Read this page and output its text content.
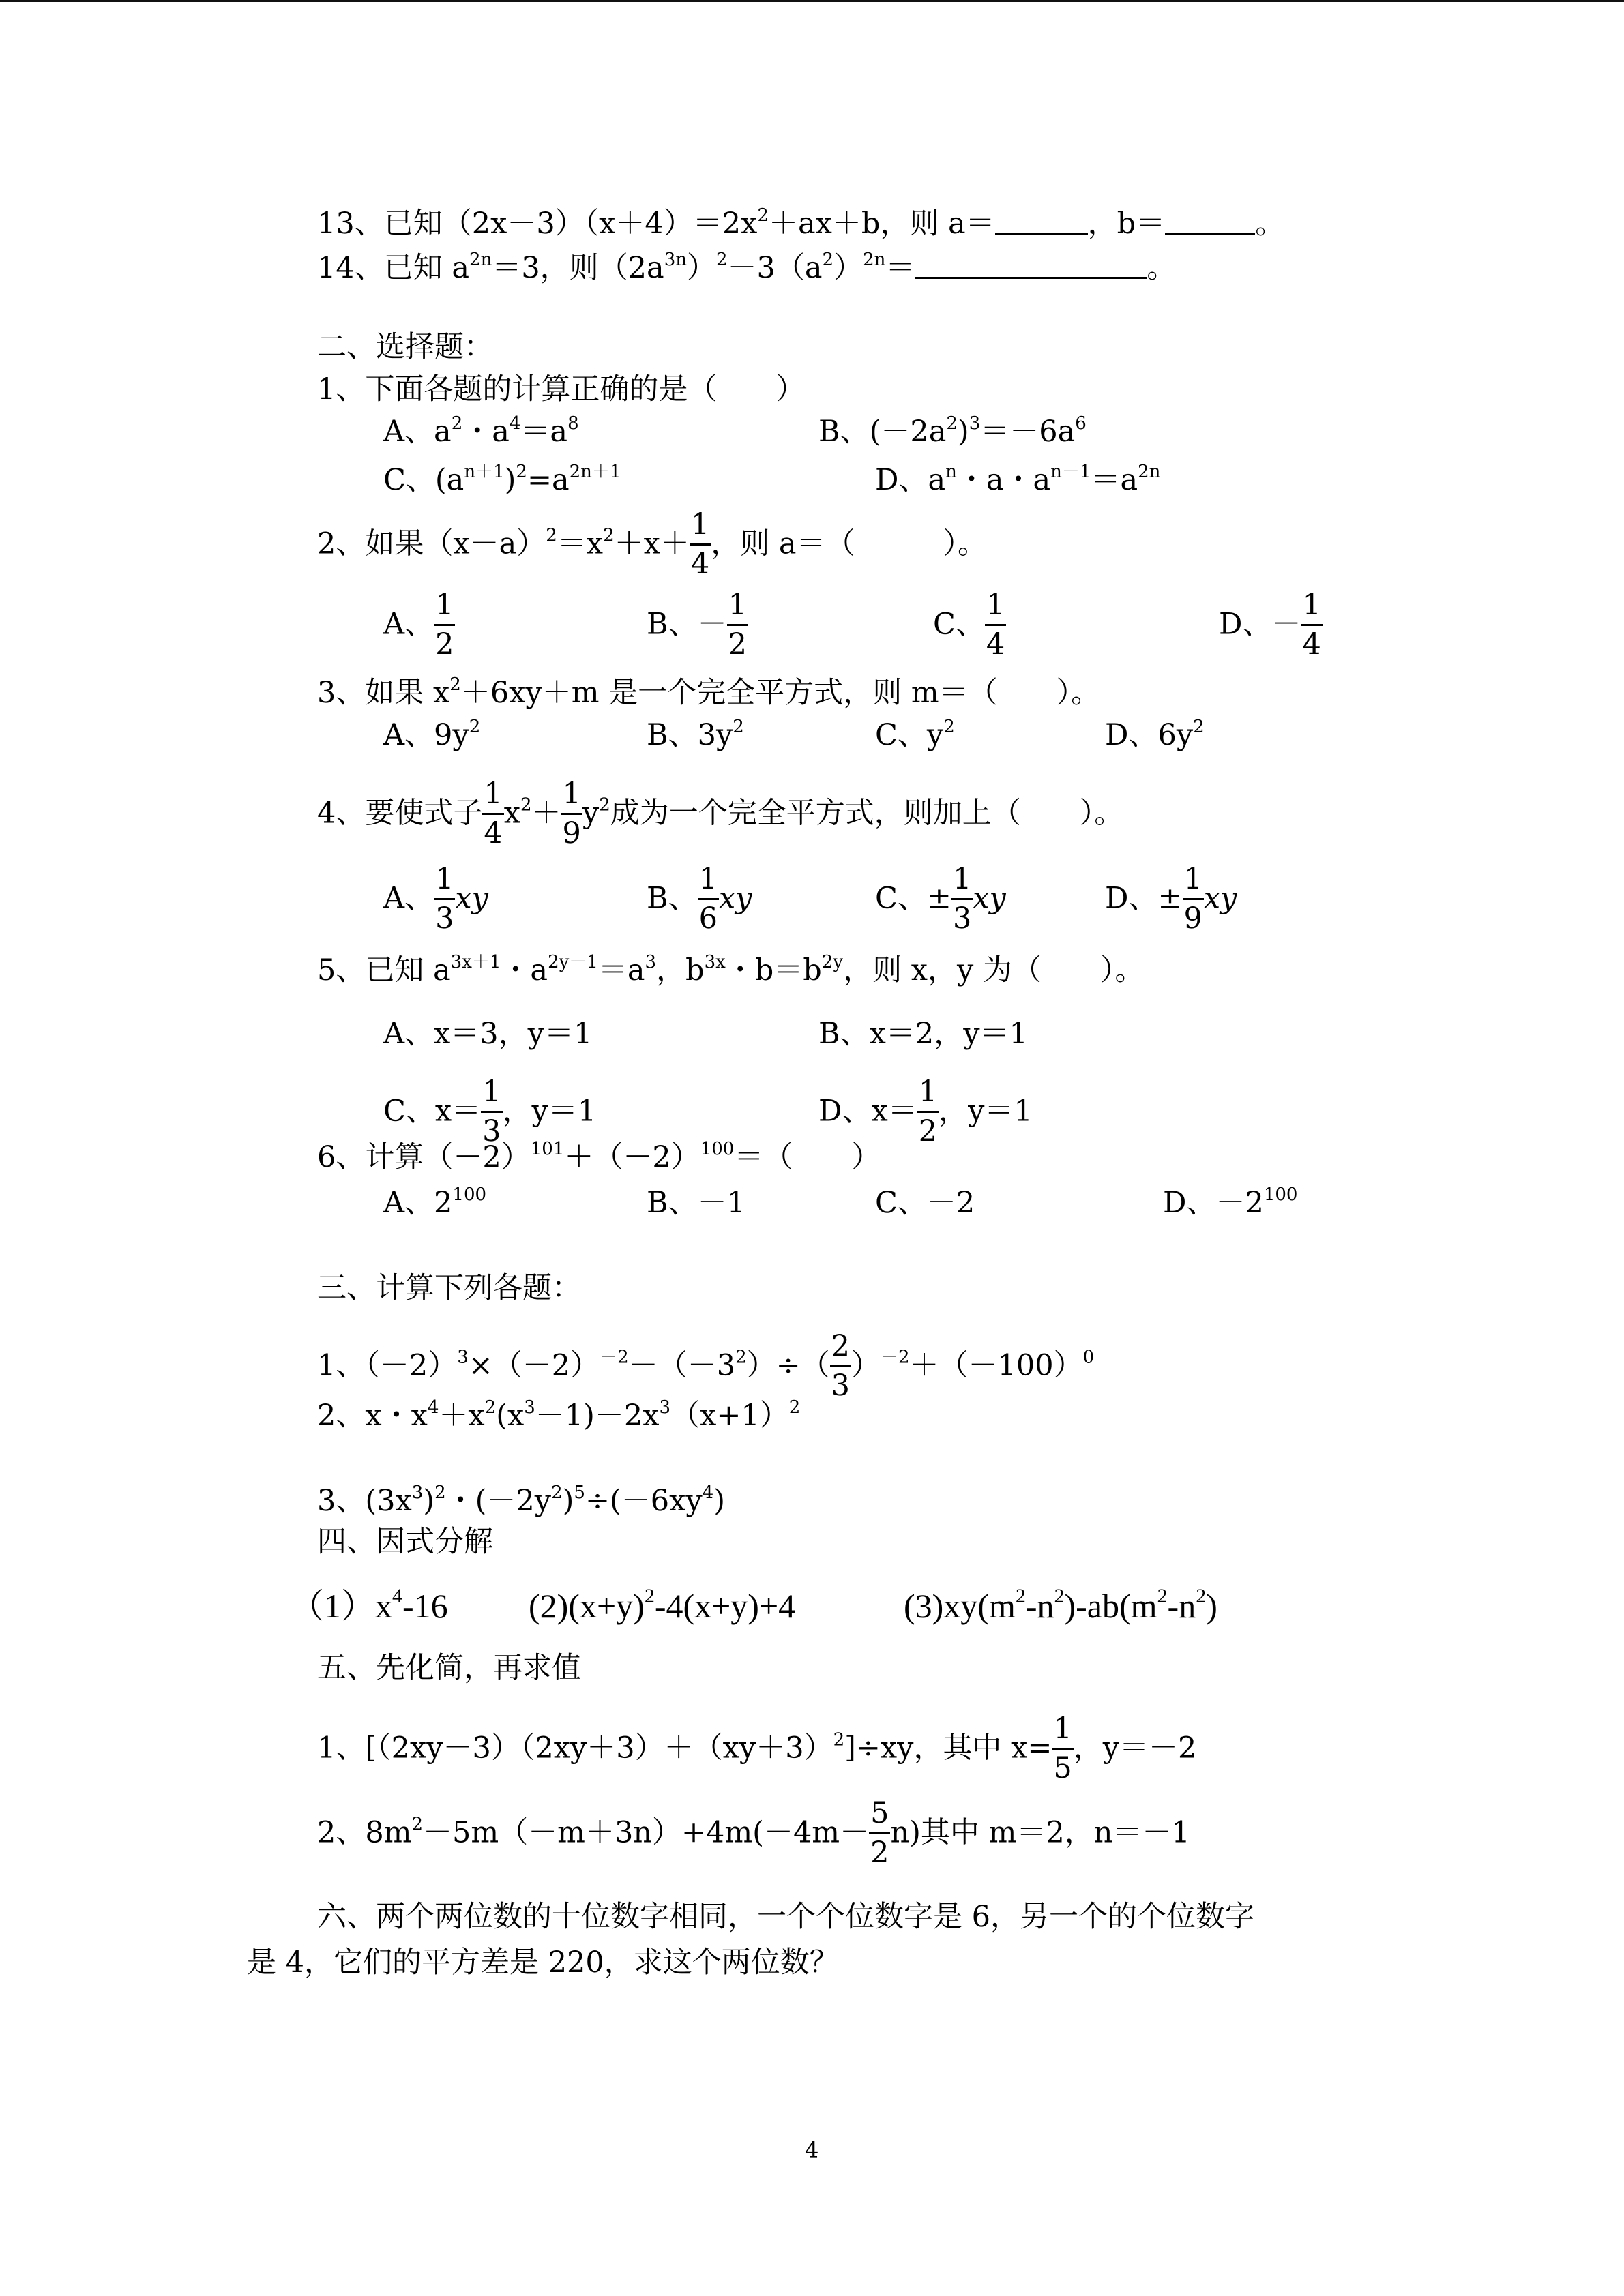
13、已知$(2x-3)(x+4)=2x^2+ax+b$，则 a＝	，b＝	。
14、已知 $a^{2n}=3$，则$(2a^{3n})^2-3(a^2)^{2n}=$	。
二、选择题：
1、下面各题的计算正确的是（　　）
A、$a^2$・$a^4=a^8$	B、$(-2a^2)^3=-6a^6$
C、$(a^{n+1})^2=a^{2n+1}$	D、$a^n$・a・$a^{n-1}=a^{2n}$
2、如果$(x-a)^2=x^2+x+ \frac{1}{4}$ ，则 a＝（　　　）。
A、 $\frac{1}{2}$	B、－ $\frac{1}{2}$	C、 $\frac{1}{4}$	D、－ $\frac{1}{4}$
3、如果 $x^2+6xy+m$ 是一个完全平方式，则 m＝（　　）。
A、$9y^2$	B、$3y^2$	C、$y^2$	D、$6y^2$
4、要使式子 $\frac{1}{4} x^2+ \frac{1}{9} y^2$成为一个完全平方式，则加上（　　）。
A、 $\frac{1}{3}$ xy	B、 $\frac{1}{6}$ xy	C、± $\frac{1}{3}$ xy	D、± $\frac{1}{9}$ xy
5、已知 $a^{3x+1}$・$a^{2y-1}=a^3$，$b^{3x}$・$b=b^{2y}$，则 x，y 为（　　）。
A、x＝3，y＝1	B、x＝2，y＝1
C、$x= \frac{1}{3}$ ，y＝1	D、$x= \frac{1}{2}$ ，y＝1
6、计算$(-2)^{101}+(-2)^{100}=$（　　）
A、$2^{100}$	B、－1	C、－2	D、$-2^{100}$
三、计算下列各题：
1、$(-2)^3\times(-2)^{-2}-(-3^2)\div( \frac{2}{3} )^{-2}+(-100)^0$
2、x・$x^4+x^2(x^3-1)-2x^3(x+1)^2$
3、$(3x^3)^2$・$(-2y^2)^5\div(-6xy^4)$
四、因式分解
$(1)x^4-16$ $(2)(x+y)^2-4(x+y)+4$	$(3)xy(m^2-n^2)-ab(m^2-n^2)$
五、先化简，再求值
1、$[(2xy-3)(2xy+3)+(xy+3)^2]\div xy$，其中 $x= \frac{1}{5}$ ，y＝－2
2、$8m^2-5m(-m+3n)+4m(-4m- \frac{5}{2} n)$其中 m＝2，n＝－1
六、两个两位数的十位数字相同，一个个位数字是 6，另一个的个位数字
是 4，它们的平方差是 220，求这个两位数？
4
